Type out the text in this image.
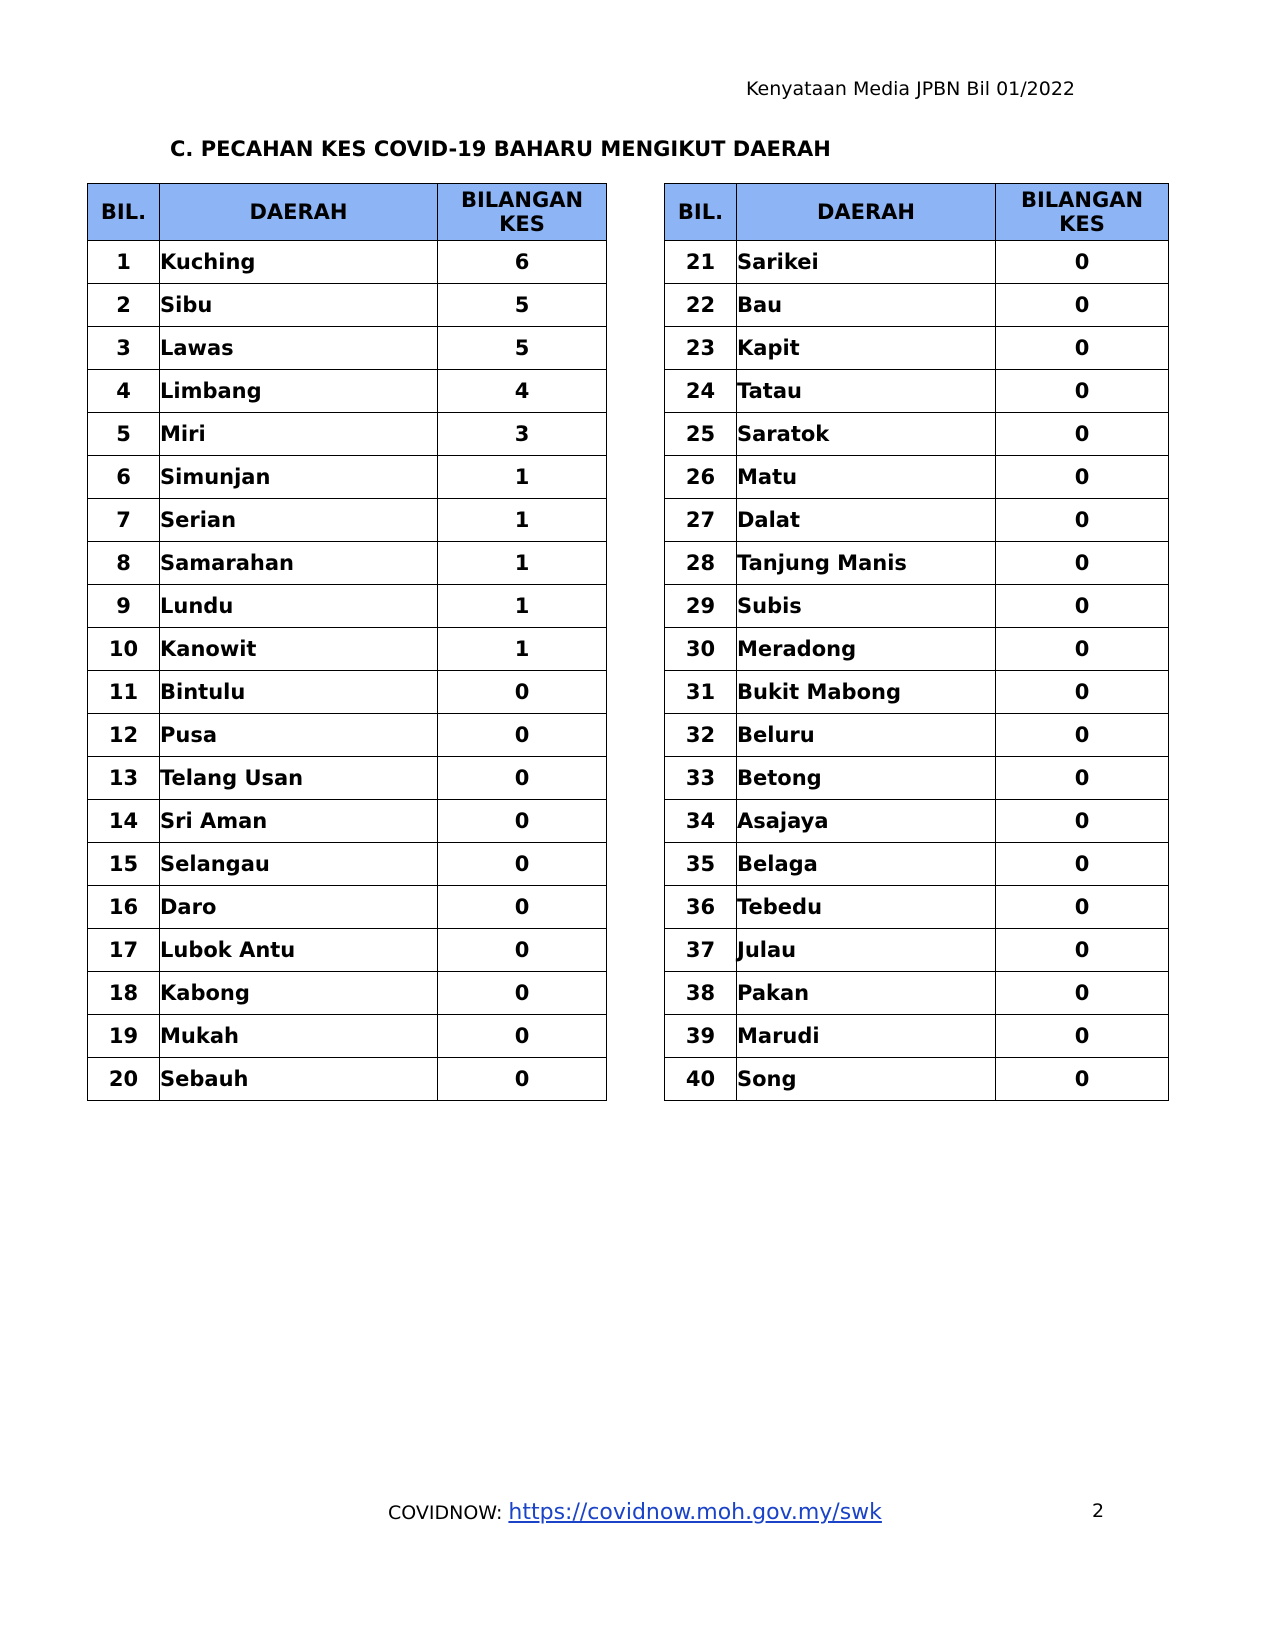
Kenyataan Media JPBN Bil 01/2022
C. PECAHAN KES COVID-19 BAHARU MENGIKUT DAERAH
BIL.	DAERAH	BILANGAN
KES
1	Kuching	6
2	Sibu	5
3	Lawas	5
4	Limbang	4
5	Miri	3
6	Simunjan	1
7	Serian	1
8	Samarahan	1
9	Lundu	1
10	Kanowit	1
11	Bintulu	0
12	Pusa	0
13	Telang Usan	0
14	Sri Aman	0
15	Selangau	0
16	Daro	0
17	Lubok Antu	0
18	Kabong	0
19	Mukah	0
20	Sebauh	0
BIL.	DAERAH	BILANGAN
KES
21	Sarikei	0
22	Bau	0
23	Kapit	0
24	Tatau	0
25	Saratok	0
26	Matu	0
27	Dalat	0
28	Tanjung Manis	0
29	Subis	0
30	Meradong	0
31	Bukit Mabong	0
32	Beluru	0
33	Betong	0
34	Asajaya	0
35	Belaga	0
36	Tebedu	0
37	Julau	0
38	Pakan	0
39	Marudi	0
40	Song	0
COVIDNOW: https://covidnow.moh.gov.my/swk	2
